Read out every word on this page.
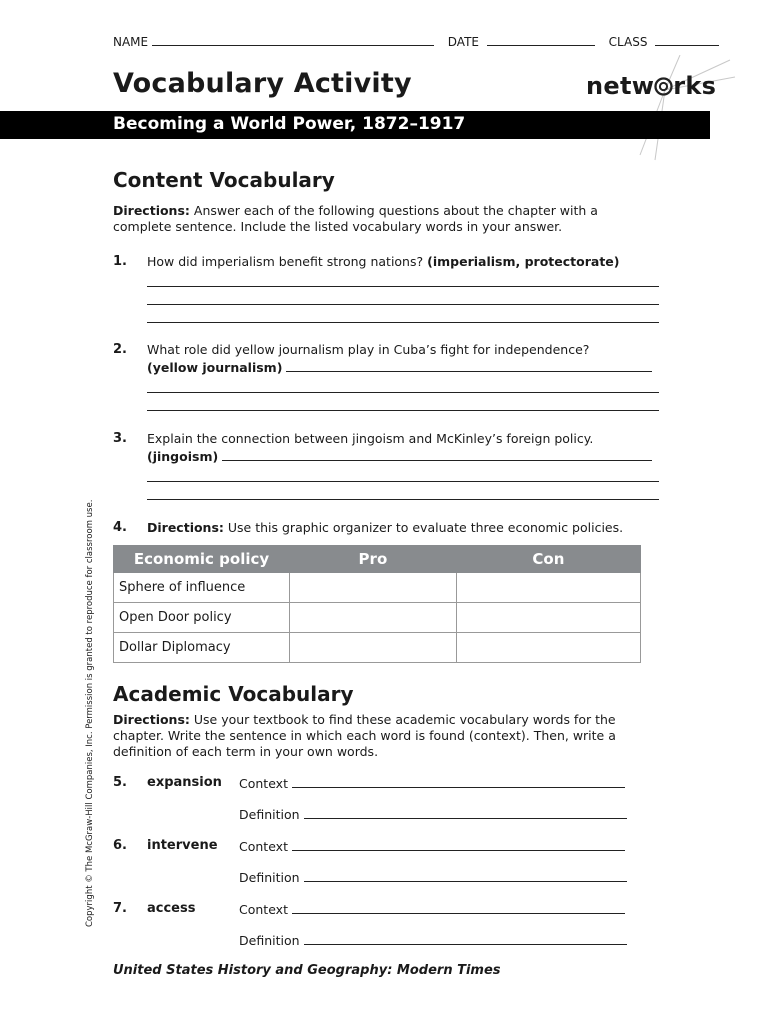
NAME	DATE	CLASS
Vocabulary Activity	netw rks
Becoming a World Power, 1872–1917
Content Vocabulary
Directions: Answer each of the following questions about the chapter with a complete sentence. Include the listed vocabulary words in your answer.
1. How did imperialism benefit strong nations? (imperialism, protectorate)
2. What role did yellow journalism play in Cuba’s fight for independence?
(yellow journalism)
3. Explain the connection between jingoism and McKinley’s foreign policy.
(jingoism)
4. Directions: Use this graphic organizer to evaluate three economic policies.
Economic policy	Pro	Con
Sphere of influence		
Open Door policy		
Dollar Diplomacy		
Academic Vocabulary
Directions: Use your textbook to find these academic vocabulary words for the chapter. Write the sentence in which each word is found (context). Then, write a definition of each term in your own words.
5. expansion Context
Definition
6. intervene Context
Definition
7. access	Context
Definition
Copyright © The McGraw-Hill Companies, Inc. Permission is granted to reproduce for classroom use.
United States History and Geography: Modern Times
